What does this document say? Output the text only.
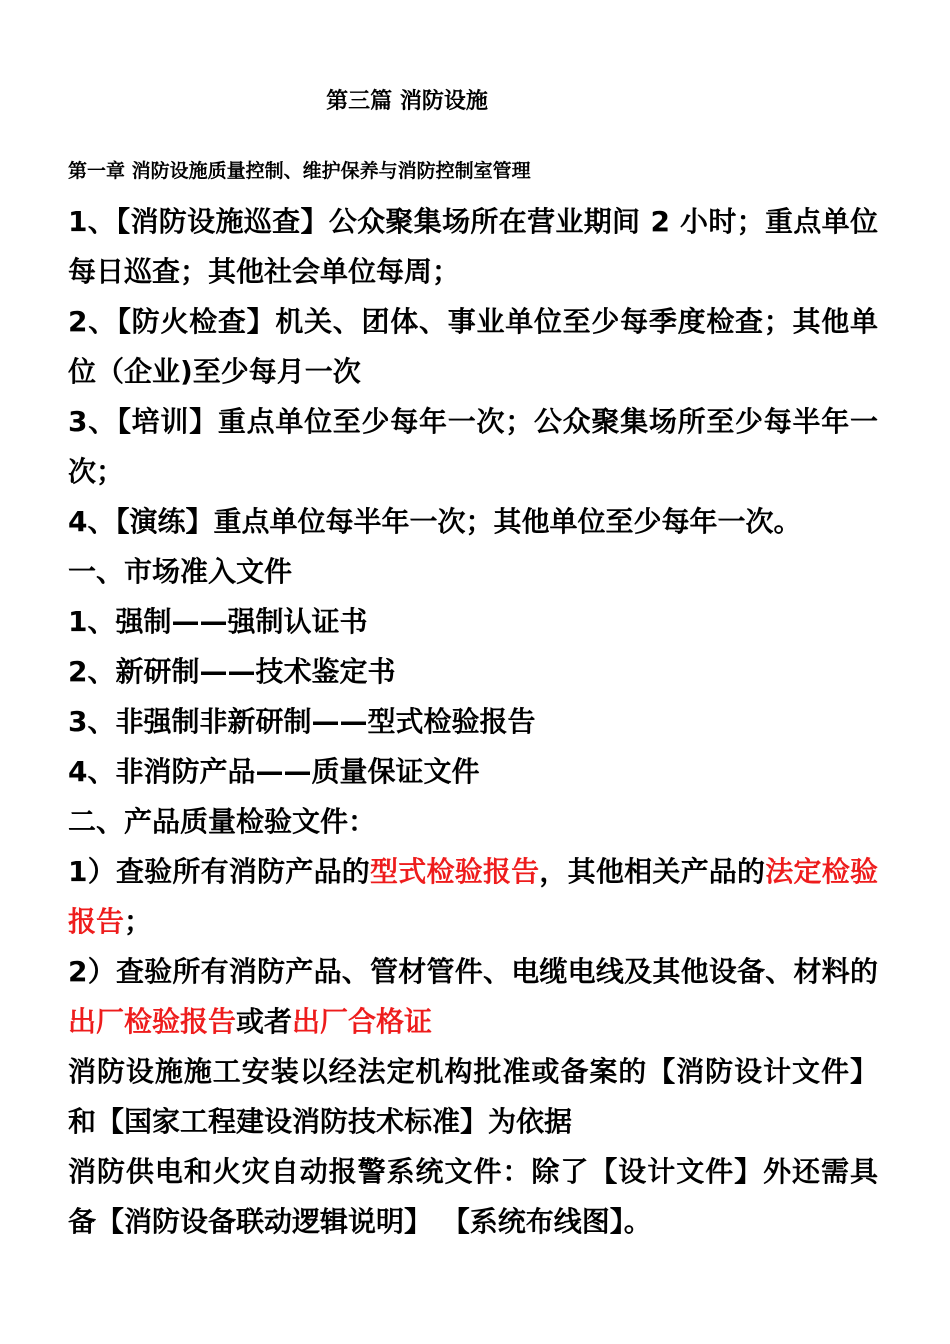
第三篇 消防设施
第一章 消防设施质量控制、维护保养与消防控制室管理

1、【消防设施巡查】公众聚集场所在营业期间 2 小时；重点单位每日巡查；其他社会单位每周；

2、【防火检查】机关、团体、事业单位至少每季度检查；其他单位（企业)至少每月一次

3、【培训】重点单位至少每年一次；公众聚集场所至少每半年一次；

4、【演练】重点单位每半年一次；其他单位至少每年一次。

一、市场准入文件

1、强制——强制认证书

2、新研制——技术鉴定书

3、非强制非新研制——型式检验报告

4、非消防产品——质量保证文件

二、产品质量检验文件：

1）查验所有消防产品的型式检验报告，其他相关产品的法定检验报告；

2）查验所有消防产品、管材管件、电缆电线及其他设备、材料的出厂检验报告或者出厂合格证

消防设施施工安装以经法定机构批准或备案的【消防设计文件】和【国家工程建设消防技术标准】为依据

消防供电和火灾自动报警系统文件：除了【设计文件】外还需具备【消防设备联动逻辑说明】 【系统布线图】。
